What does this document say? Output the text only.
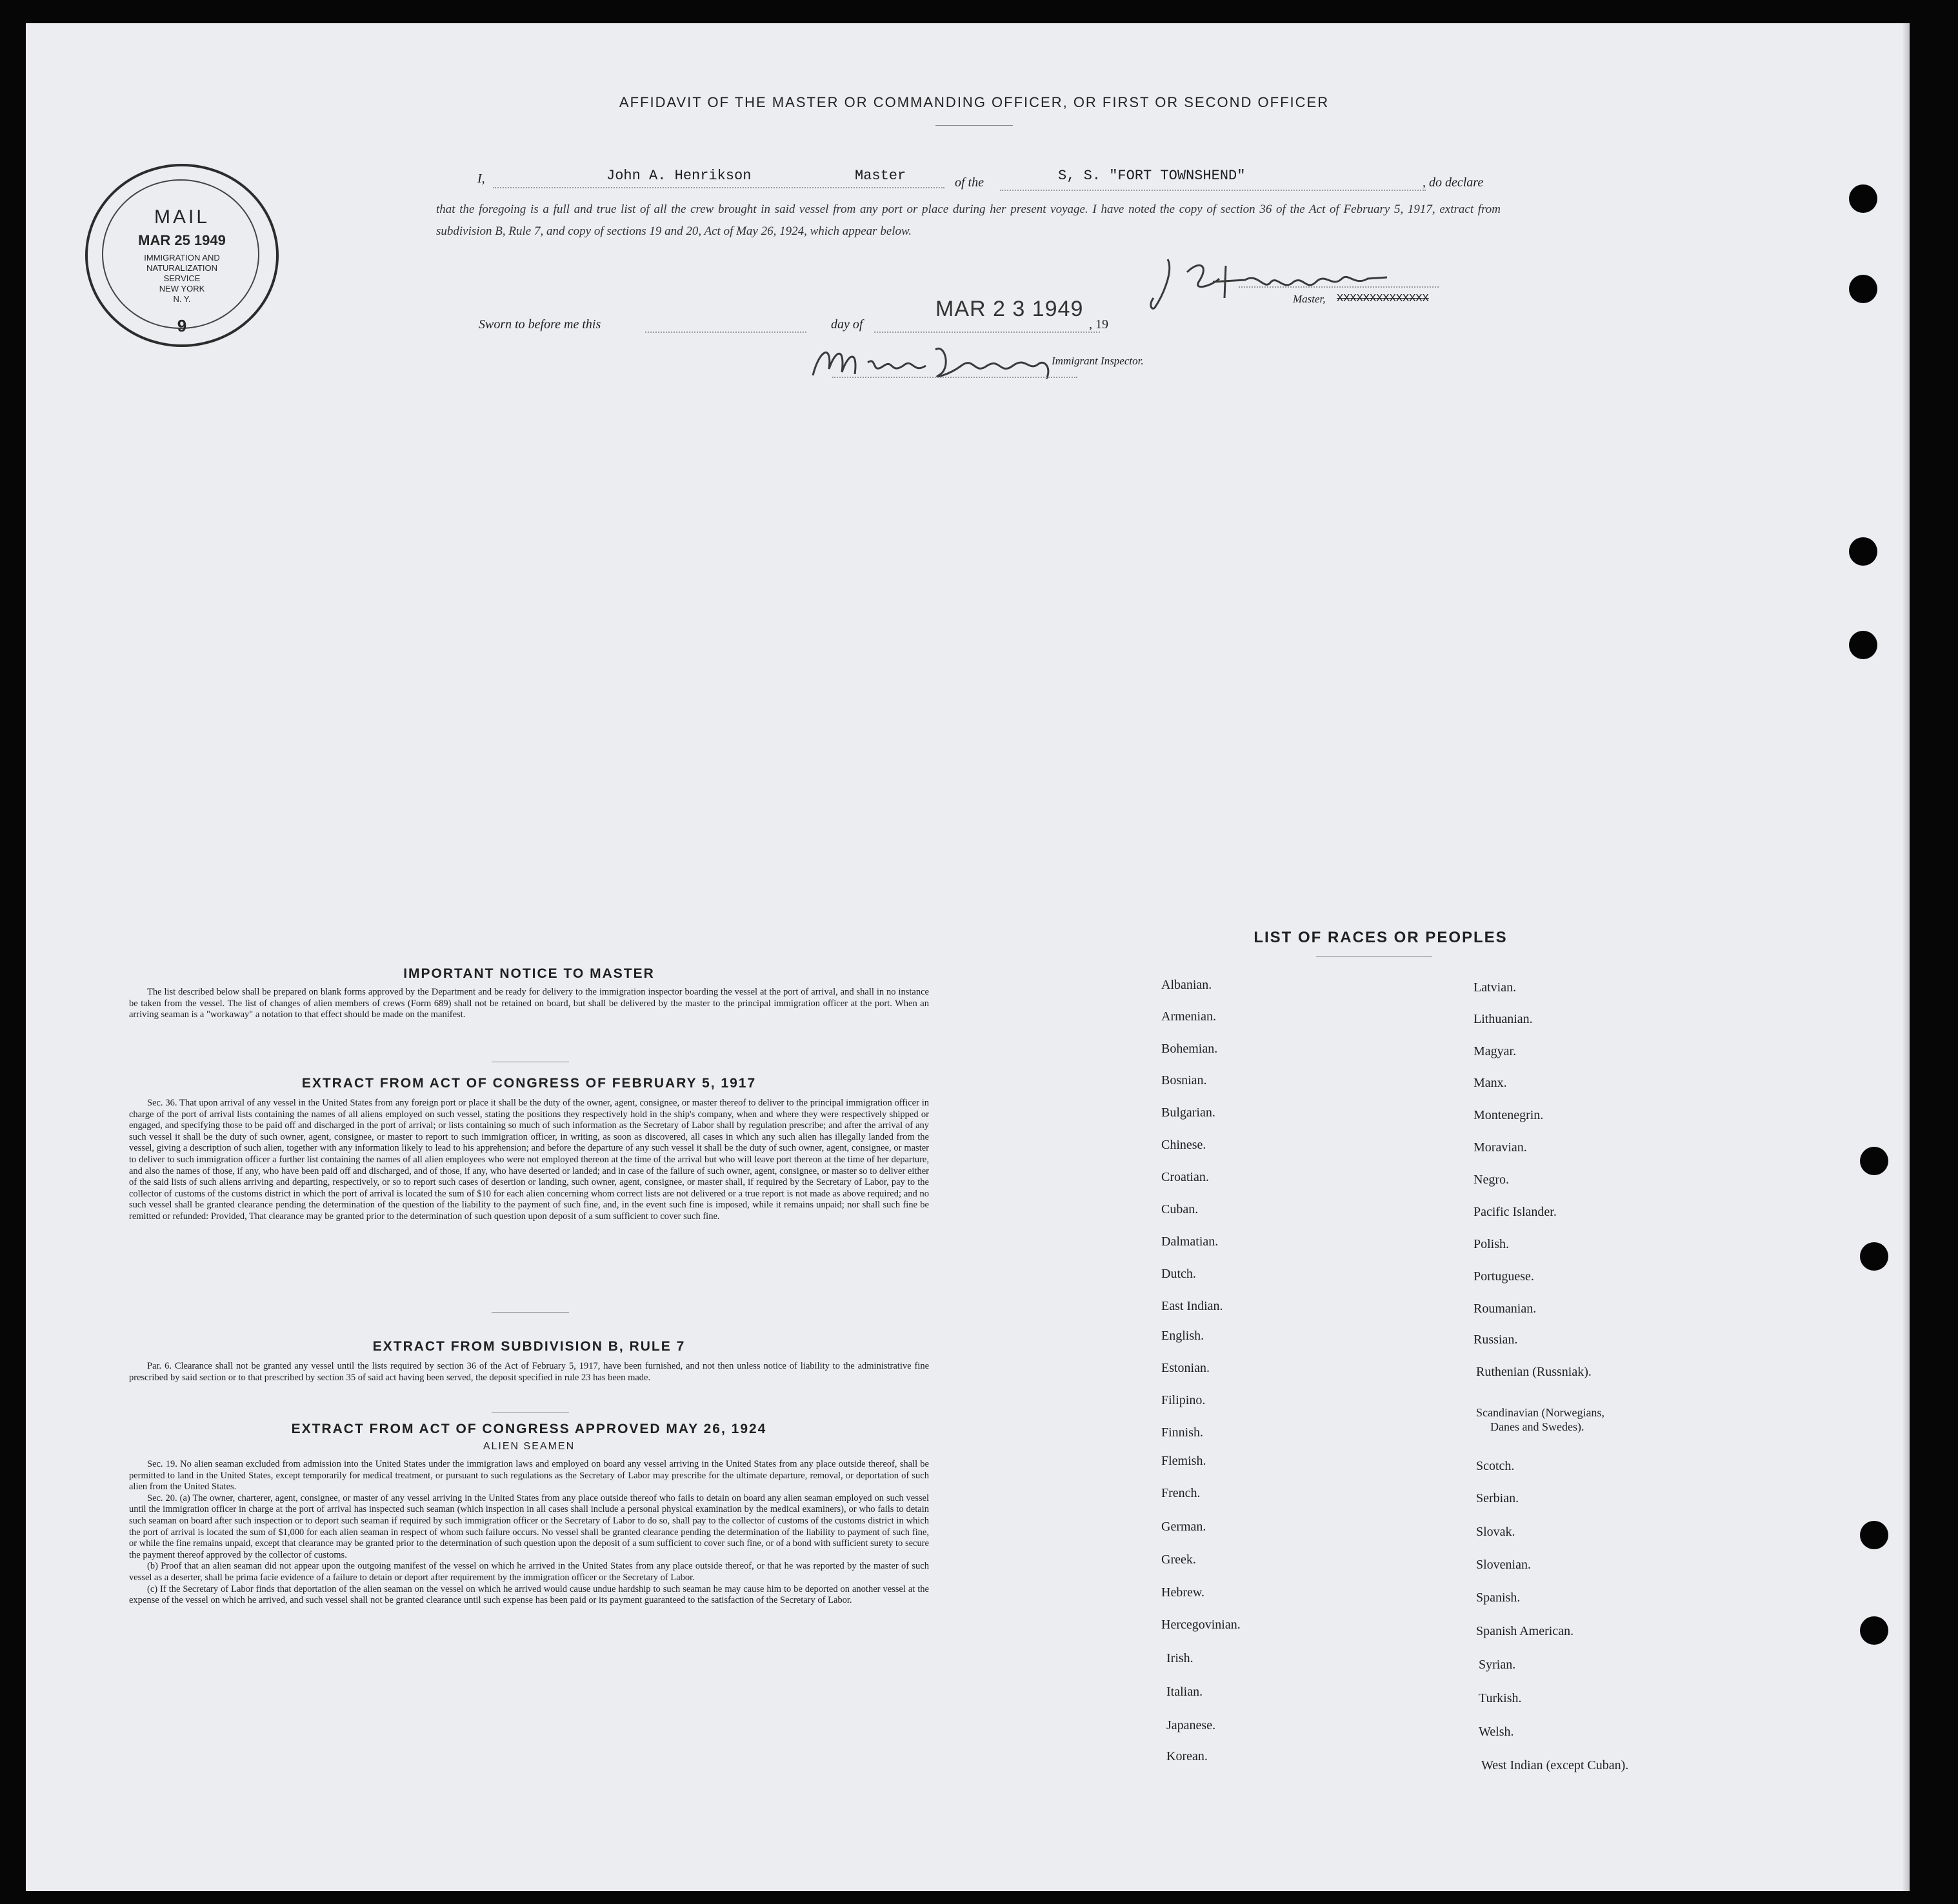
AFFIDAVIT OF THE MASTER OR COMMANDING OFFICER, OR FIRST OR SECOND OFFICER
I,	John A. Henrikson	Master	of the	S, S. "FORT TOWNSHEND"	, do declare
that the foregoing is a full and true list of all the crew brought in said vessel from any port or place during her present voyage. I have noted the copy of section 36 of the Act of February 5, 1917, extract from subdivision B, Rule 7, and copy of sections 19 and 20, Act of May 26, 1924, which appear below.
Master, XXXXXXXXXXXXXX
Sworn to before me this	day of
MAR 2 3 1949
, 19
Immigrant Inspector.
MAIL
MAR 25 1949
IMMIGRATION AND
NATURALIZATION
SERVICE
NEW YORK
N. Y.
9
IMPORTANT NOTICE TO MASTER

The list described below shall be prepared on blank forms approved by the Department and be ready for delivery to the immigration inspector boarding the vessel at the port of arrival, and shall in no instance be taken from the vessel. The list of changes of alien members of crews (Form 689) shall not be retained on board, but shall be delivered by the master to the principal immigration officer at the port. When an arriving seaman is a "workaway" a notation to that effect should be made on the manifest.

EXTRACT FROM ACT OF CONGRESS OF FEBRUARY 5, 1917

Sec. 36. That upon arrival of any vessel in the United States from any foreign port or place it shall be the duty of the owner, agent, consignee, or master thereof to deliver to the principal immigration officer in charge of the port of arrival lists containing the names of all aliens employed on such vessel, stating the positions they respectively hold in the ship's company, when and where they were respectively shipped or engaged, and specifying those to be paid off and discharged in the port of arrival; or lists containing so much of such information as the Secretary of Labor shall by regulation prescribe; and after the arrival of any such vessel it shall be the duty of such owner, agent, consignee, or master to report to such immigration officer, in writing, as soon as discovered, all cases in which any such alien has illegally landed from the vessel, giving a description of such alien, together with any information likely to lead to his apprehension; and before the departure of any such vessel it shall be the duty of such owner, agent, consignee, or master to deliver to such immigration officer a further list containing the names of all alien employees who were not employed thereon at the time of the arrival but who will leave port thereon at the time of her departure, and also the names of those, if any, who have been paid off and discharged, and of those, if any, who have deserted or landed; and in case of the failure of such owner, agent, consignee, or master so to deliver either of the said lists of such aliens arriving and departing, respectively, or so to report such cases of desertion or landing, such owner, agent, consignee, or master shall, if required by the Secretary of Labor, pay to the collector of customs of the customs district in which the port of arrival is located the sum of $10 for each alien concerning whom correct lists are not delivered or a true report is not made as above required; and no such vessel shall be granted clearance pending the determination of the question of the liability to the payment of such fine, and, in the event such fine is imposed, while it remains unpaid; nor shall such fine be remitted or refunded: Provided, That clearance may be granted prior to the determination of such question upon deposit of a sum sufficient to cover such fine.

EXTRACT FROM SUBDIVISION B, RULE 7

Par. 6. Clearance shall not be granted any vessel until the lists required by section 36 of the Act of February 5, 1917, have been furnished, and not then unless notice of liability to the administrative fine prescribed by said section or to that prescribed by section 35 of said act having been served, the deposit specified in rule 23 has been made.

EXTRACT FROM ACT OF CONGRESS APPROVED MAY 26, 1924
ALIEN SEAMEN

Sec. 19. No alien seaman excluded from admission into the United States under the immigration laws and employed on board any vessel arriving in the United States from any place outside thereof, shall be permitted to land in the United States, except temporarily for medical treatment, or pursuant to such regulations as the Secretary of Labor may prescribe for the ultimate departure, removal, or deportation of such alien from the United States.

Sec. 20. (a) The owner, charterer, agent, consignee, or master of any vessel arriving in the United States from any place outside thereof who fails to detain on board any alien seaman employed on such vessel until the immigration officer in charge at the port of arrival has inspected such seaman (which inspection in all cases shall include a personal physical examination by the medical examiners), or who fails to detain such seaman on board after such inspection or to deport such seaman if required by such immigration officer or the Secretary of Labor to do so, shall pay to the collector of customs of the customs district in which the port of arrival is located the sum of $1,000 for each alien seaman in respect of whom such failure occurs. No vessel shall be granted clearance pending the determination of the liability to payment of such fine, or while the fine remains unpaid, except that clearance may be granted prior to the determination of such question upon the deposit of a sum sufficient to cover such fine, or of a bond with sufficient surety to secure the payment thereof approved by the collector of customs.

(b) Proof that an alien seaman did not appear upon the outgoing manifest of the vessel on which he arrived in the United States from any place outside thereof, or that he was reported by the master of such vessel as a deserter, shall be prima facie evidence of a failure to detain or deport after requirement by the immigration officer or the Secretary of Labor.

(c) If the Secretary of Labor finds that deportation of the alien seaman on the vessel on which he arrived would cause undue hardship to such seaman he may cause him to be deported on another vessel at the expense of the vessel on which he arrived, and such vessel shall not be granted clearance until such expense has been paid or its payment guaranteed to the satisfaction of the Secretary of Labor.

LIST OF RACES OR PEOPLES
Albanian.
Armenian.
Bohemian.
Bosnian.
Bulgarian.
Chinese.
Croatian.
Cuban.
Dalmatian.
Dutch.
East Indian.
English.
Estonian.
Filipino.
Finnish.
Flemish.
French.
German.
Greek.
Hebrew.
Hercegovinian.
Irish.
Italian.
Japanese.
Korean.
Latvian.
Lithuanian.
Magyar.
Manx.
Montenegrin.
Moravian.
Negro.
Pacific Islander.
Polish.
Portuguese.
Roumanian.
Russian.
Ruthenian (Russniak).
Scandinavian (Norwegians,
Danes and Swedes).
Scotch.
Serbian.
Slovak.
Slovenian.
Spanish.
Spanish American.
Syrian.
Turkish.
Welsh.
West Indian (except Cuban).
